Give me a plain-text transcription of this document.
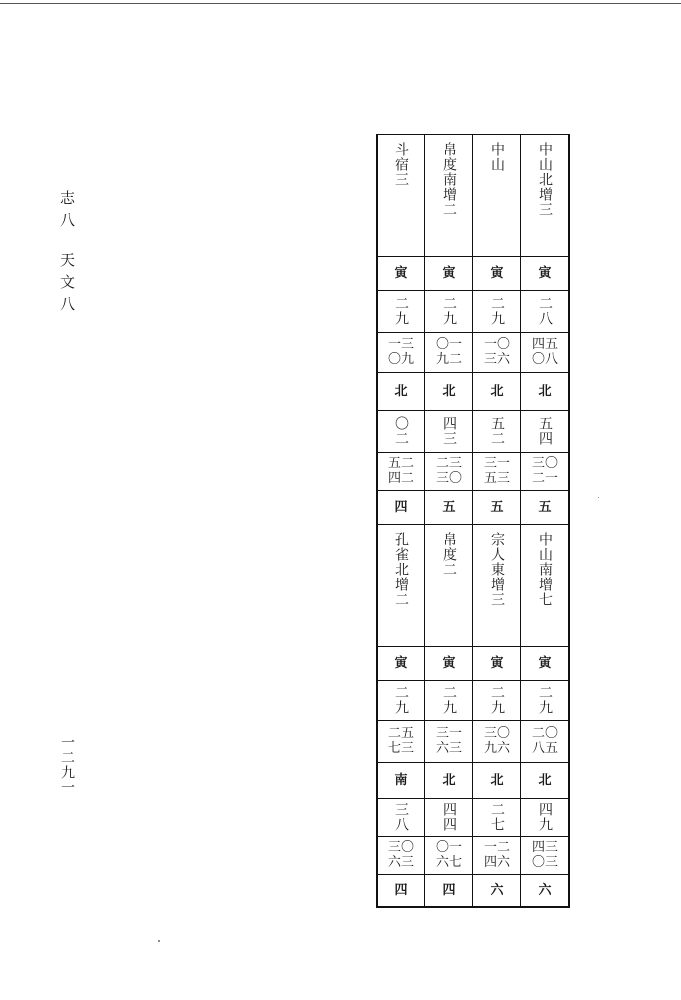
志八
天文八
一二九一
中山北增三
中山
帛度南增二
斗宿三
寅
寅
寅
寅
二八
二九
二九
二九
四五
〇八
一〇
三六
〇一
九二
一三
〇九
北
北
北
北
五四
五二
四三
〇二
三〇
二一
三一
五三
二三
三〇
五二
四二
五
五
五
四
中山南增七
宗人東增三
帛度二
孔雀北增二
寅
寅
寅
寅
二九
二九
二九
二九
二〇
八五
三〇
九六
三一
六三
二五
七三
北
北
北
南
四九
二七
四四
三八
四三
〇三
一二
四六
〇一
六七
三〇
六三
六
六
四
四
